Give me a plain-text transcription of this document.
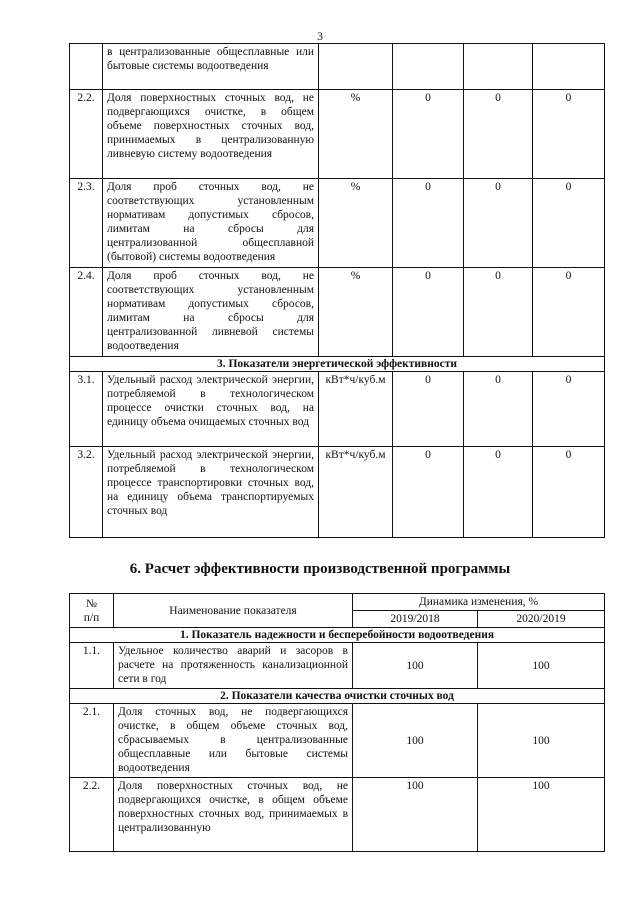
3
	в централизованные общесплавные или бытовые системы водоотведения				
2.2.	Доля поверхностных сточных вод, не подвергающихся очистке, в общем объеме поверхностных сточных вод, принимаемых в централизованную ливневую систему водоотведения	%	0	0	0
2.3.	Доля проб сточных вод, не соответствующих установленным нормативам допустимых сбросов, лимитам на сбросы для централизованной общесплавной (бытовой) системы водоотведения	%	0	0	0
2.4.	Доля проб сточных вод, не соответствующих установленным нормативам допустимых сбросов, лимитам на сбросы для централизованной ливневой системы водоотведения	%	0	0	0
3. Показатели энергетической эффективности					
3.1.	Удельный расход электрической энергии, потребляемой в технологическом процессе очистки сточных вод, на единицу объема очищаемых сточных вод	кВт*ч/куб.м	0	0	0
3.2.	Удельный расход электрической энергии, потребляемой в технологическом процессе транспортировки сточных вод, на единицу объема транспортируемых сточных вод	кВт*ч/куб.м	0	0	0
6. Расчет эффективности производственной программы
№
п/п	Наименование показателя	Динамика изменения, %	
		2019/2018	2020/2019
1. Показатель надежности и бесперебойности водоотведения			
1.1.	Удельное количество аварий и засоров в расчете на протяженность канализационной сети в год	100	100
2. Показатели качества очистки сточных вод			
2.1.	Доля сточных вод, не подвергающихся очистке, в общем объеме сточных вод, сбрасываемых в централизованные общесплавные или бытовые системы водоотведения	100	100
2.2.	Доля поверхностных сточных вод, не подвергающихся очистке, в общем объеме поверхностных сточных вод, принимаемых в централизованную	100	100
